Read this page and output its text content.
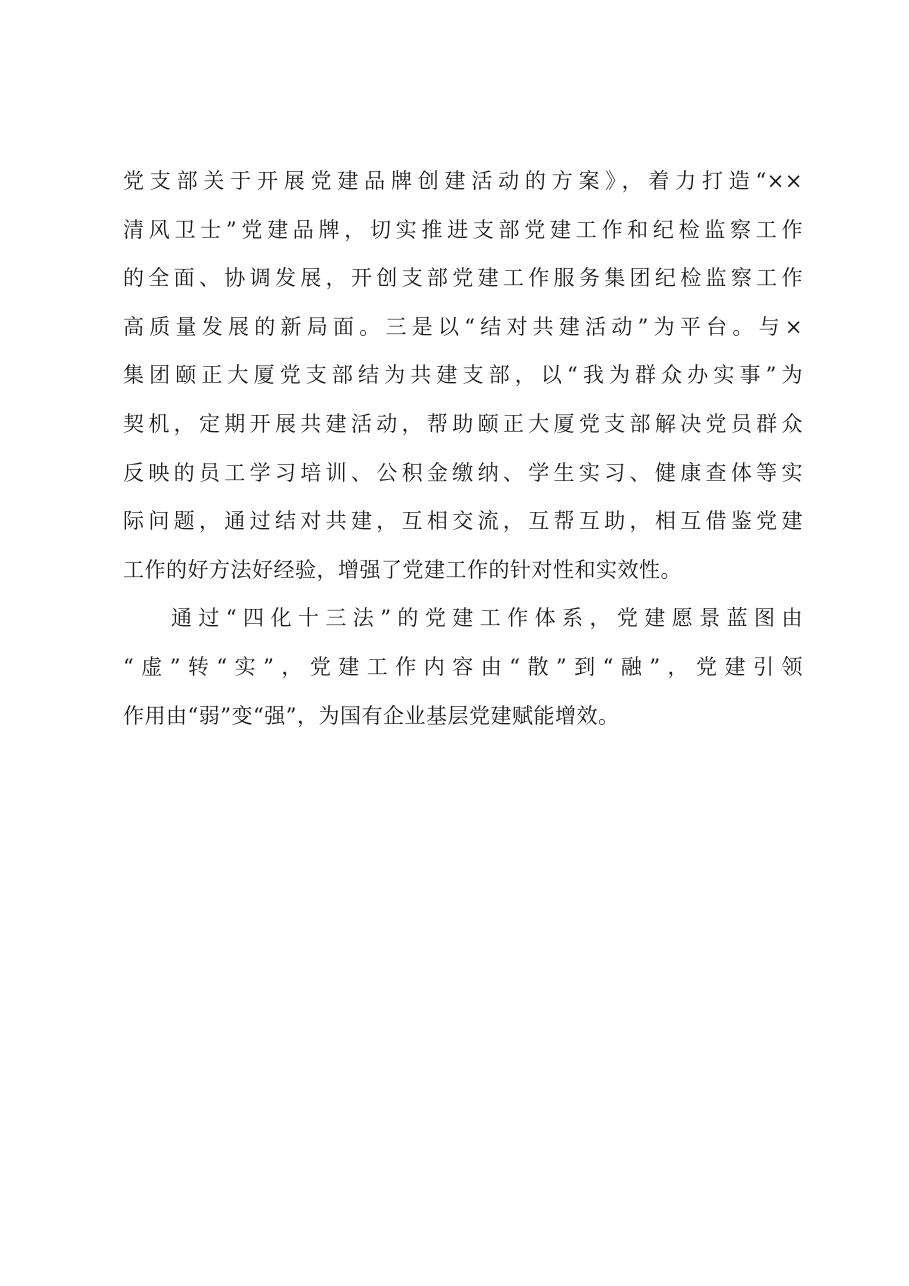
党支部关于开展党建品牌创建活动的方案》，着力打造“××
清风卫士”党建品牌，切实推进支部党建工作和纪检监察工作
的全面、协调发展，开创支部党建工作服务集团纪检监察工作
高质量发展的新局面。三是以“结对共建活动”为平台。与×
集团颐正大厦党支部结为共建支部，以“我为群众办实事”为
契机，定期开展共建活动，帮助颐正大厦党支部解决党员群众
反映的员工学习培训、公积金缴纳、学生实习、健康查体等实
际问题，通过结对共建，互相交流，互帮互助，相互借鉴党建
工作的好方法好经验，增强了党建工作的针对性和实效性。
通过“四化十三法”的党建工作体系，党建愿景蓝图由
“虚”转“实”，党建工作内容由“散”到“融”，党建引领
作用由“弱”变“强”，为国有企业基层党建赋能增效。
